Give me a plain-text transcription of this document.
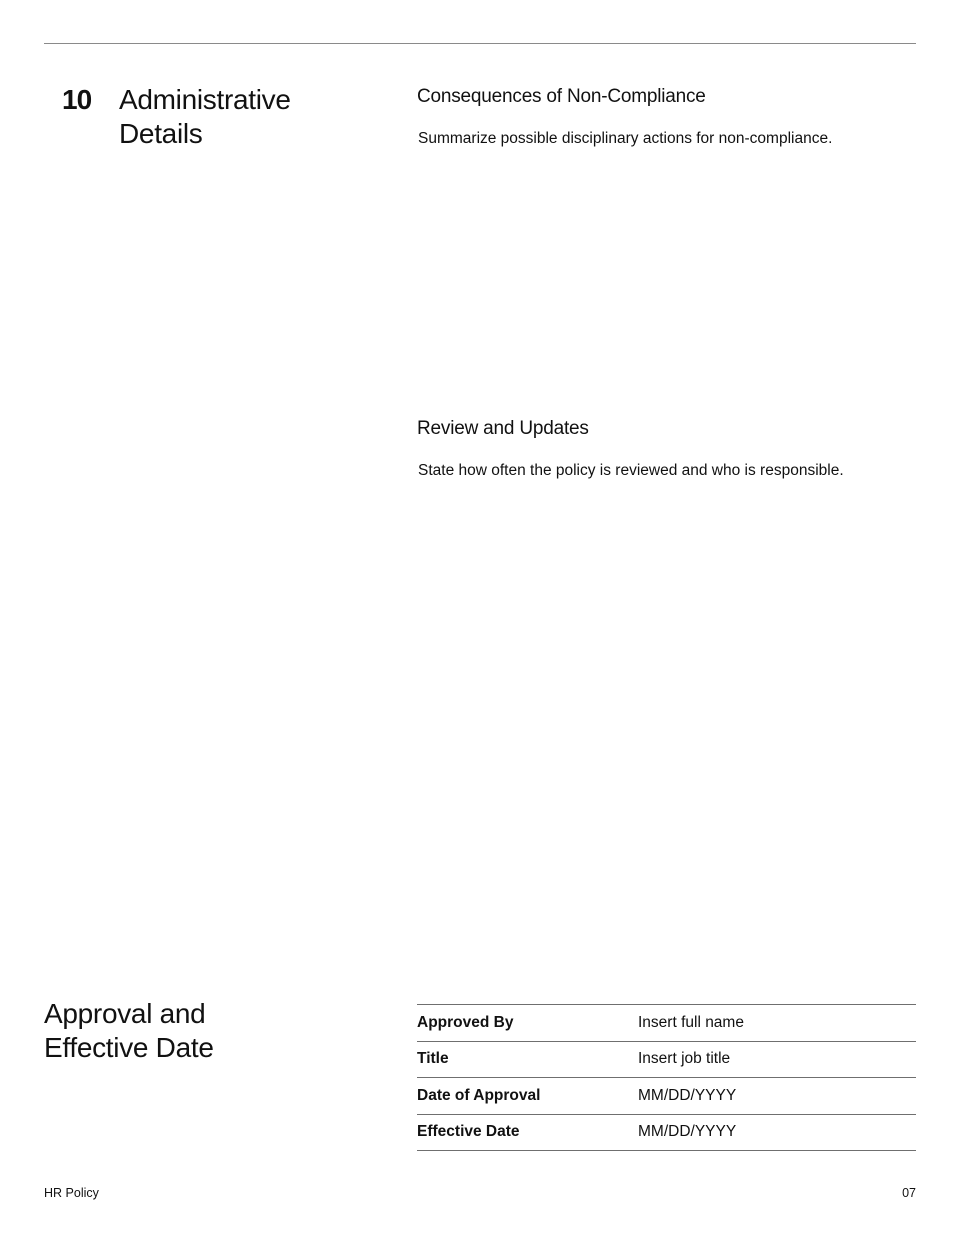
10 Administrative Details
Consequences of Non-Compliance
Summarize possible disciplinary actions for non-compliance.
Review and Updates
State how often the policy is reviewed and who is responsible.
Approval and Effective Date
Approved By	Insert full name
Title	Insert job title
Date of Approval	MM/DD/YYYY
Effective Date	MM/DD/YYYY
HR Policy	07
